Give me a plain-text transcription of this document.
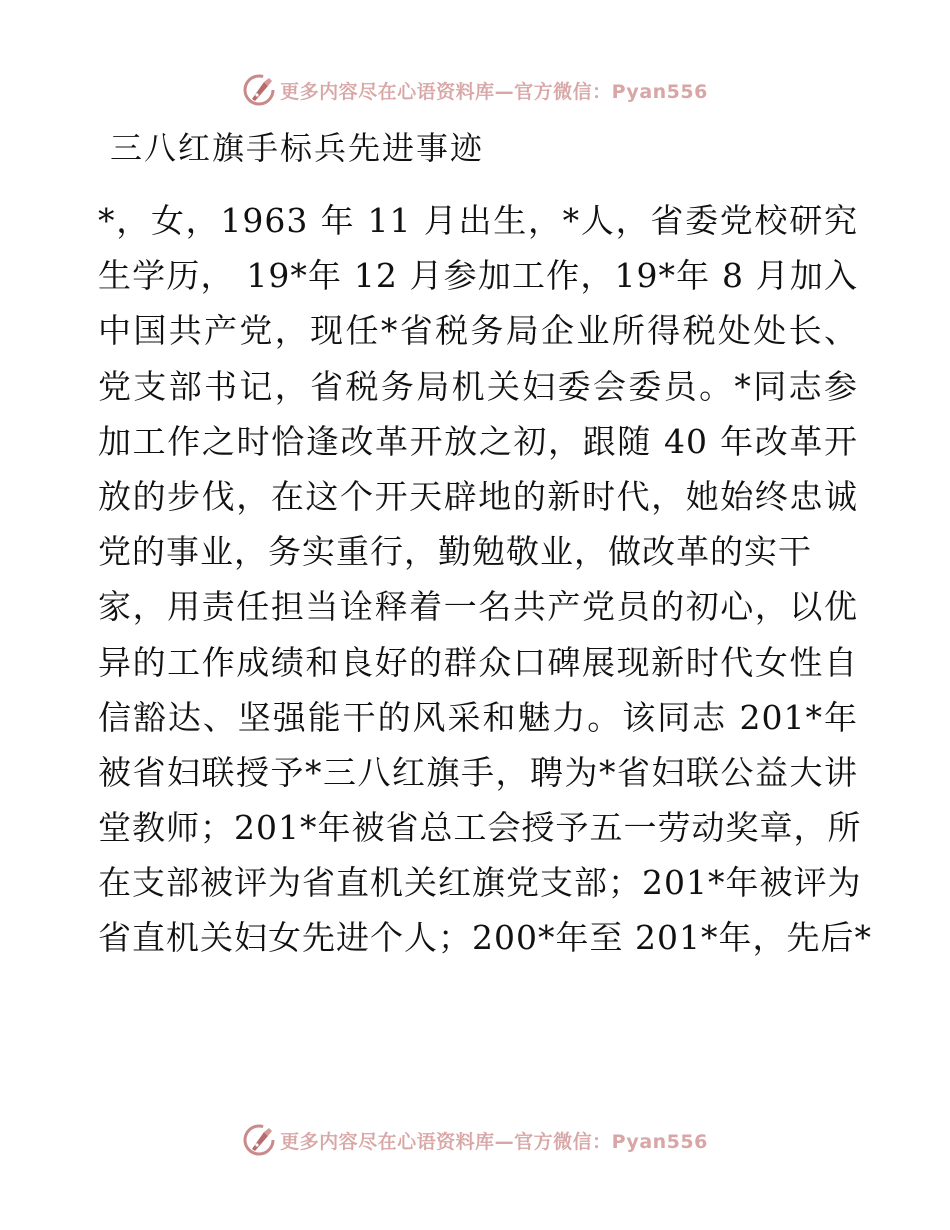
更多内容尽在心语资料库—官方微信：Pyan556
三八红旗手标兵先进事迹
*，女，1963 年 11 月出生，*人，省委党校研究
生学历， 19*年 12 月参加工作，19*年 8 月加入
中国共产党，现任*省税务局企业所得税处处长、
党支部书记，省税务局机关妇委会委员。*同志参
加工作之时恰逢改革开放之初，跟随 40 年改革开
放的步伐，在这个开天辟地的新时代，她始终忠诚
党的事业，务实重行，勤勉敬业，做改革的实干
家，用责任担当诠释着一名共产党员的初心，以优
异的工作成绩和良好的群众口碑展现新时代女性自
信豁达、坚强能干的风采和魅力。该同志 201*年
被省妇联授予*三八红旗手，聘为*省妇联公益大讲
堂教师；201*年被省总工会授予五一劳动奖章，所
在支部被评为省直机关红旗党支部；201*年被评为
省直机关妇女先进个人；200*年至 201*年，先后*
更多内容尽在心语资料库—官方微信：Pyan556
